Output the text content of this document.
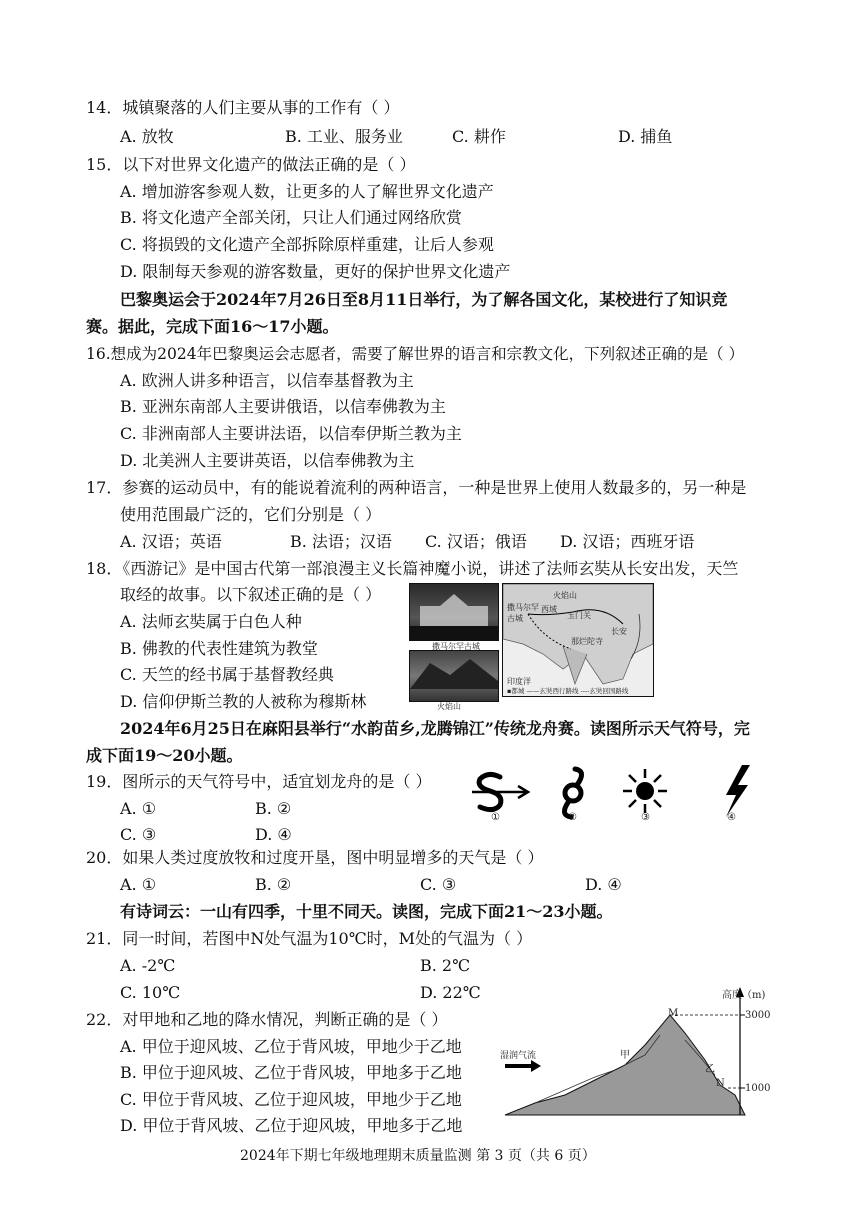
14．城镇聚落的人们主要从事的工作有（ ）
A. 放牧	B. 工业、服务业	C. 耕作	D. 捕鱼
15．以下对世界文化遗产的做法正确的是（ ）
A. 增加游客参观人数，让更多的人了解世界文化遗产
B. 将文化遗产全部关闭，只让人们通过网络欣赏
C. 将损毁的文化遗产全部拆除原样重建，让后人参观
D. 限制每天参观的游客数量，更好的保护世界文化遗产
巴黎奥运会于2024年7月26日至8月11日举行，为了解各国文化，某校进行了知识竞
赛。据此，完成下面16～17小题。
16.想成为2024年巴黎奥运会志愿者，需要了解世界的语言和宗教文化，下列叙述正确的是（ ）
A. 欧洲人讲多种语言，以信奉基督教为主
B. 亚洲东南部人主要讲俄语，以信奉佛教为主
C. 非洲南部人主要讲法语，以信奉伊斯兰教为主
D. 北美洲人主要讲英语，以信奉佛教为主
17．参赛的运动员中，有的能说着流利的两种语言，一种是世界上使用人数最多的，另一种是
使用范围最广泛的，它们分别是（ ）
A. 汉语；英语	B. 法语；汉语 C. 汉语；俄语 D. 汉语；西班牙语
18．《西游记》是中国古代第一部浪漫主义长篇神魔小说，讲述了法师玄奘从长安出发，天竺
取经的故事。以下叙述正确的是（ ）
A. 法师玄奘属于白色人种
B. 佛教的代表性建筑为教堂
C. 天竺的经书属于基督教经典
D. 信仰伊斯兰教的人被称为穆斯林
撒马尔罕古城
火焰山
火焰山
撒马尔罕古城
西域
玉门关
长安
那烂陀寺
印度洋
▪都城 ——玄奘西行路线 ----玄奘回国路线
2024年6月25日在麻阳县举行“水韵苗乡,龙腾锦江”传统龙舟赛。读图所示天气符号，完
成下面19～20小题。
19．图所示的天气符号中，适宜划龙舟的是（ ）
A. ①	B. ②
C. ③	D. ④
①	②	③	④
20．如果人类过度放牧和过度开垦，图中明显增多的天气是（ ）
A. ①	B. ②	C. ③	D. ④
有诗词云：一山有四季，十里不同天。读图，完成下面21～23小题。
21．同一时间，若图中N处气温为10℃时，M处的气温为（ ）
A. -2℃	B. 2℃
C. 10℃	D. 22℃
22．对甲地和乙地的降水情况，判断正确的是（ ）
A. 甲位于迎风坡、乙位于背风坡，甲地少于乙地
B. 甲位于迎风坡、乙位于背风坡，甲地多于乙地
C. 甲位于背风坡、乙位于迎风坡，甲地少于乙地
D. 甲位于背风坡、乙位于迎风坡，甲地多于乙地
高度（m)
3000
1000
M
N
甲
乙
湿润气流
2024年下期七年级地理期末质量监测 第 3 页（共 6 页）
